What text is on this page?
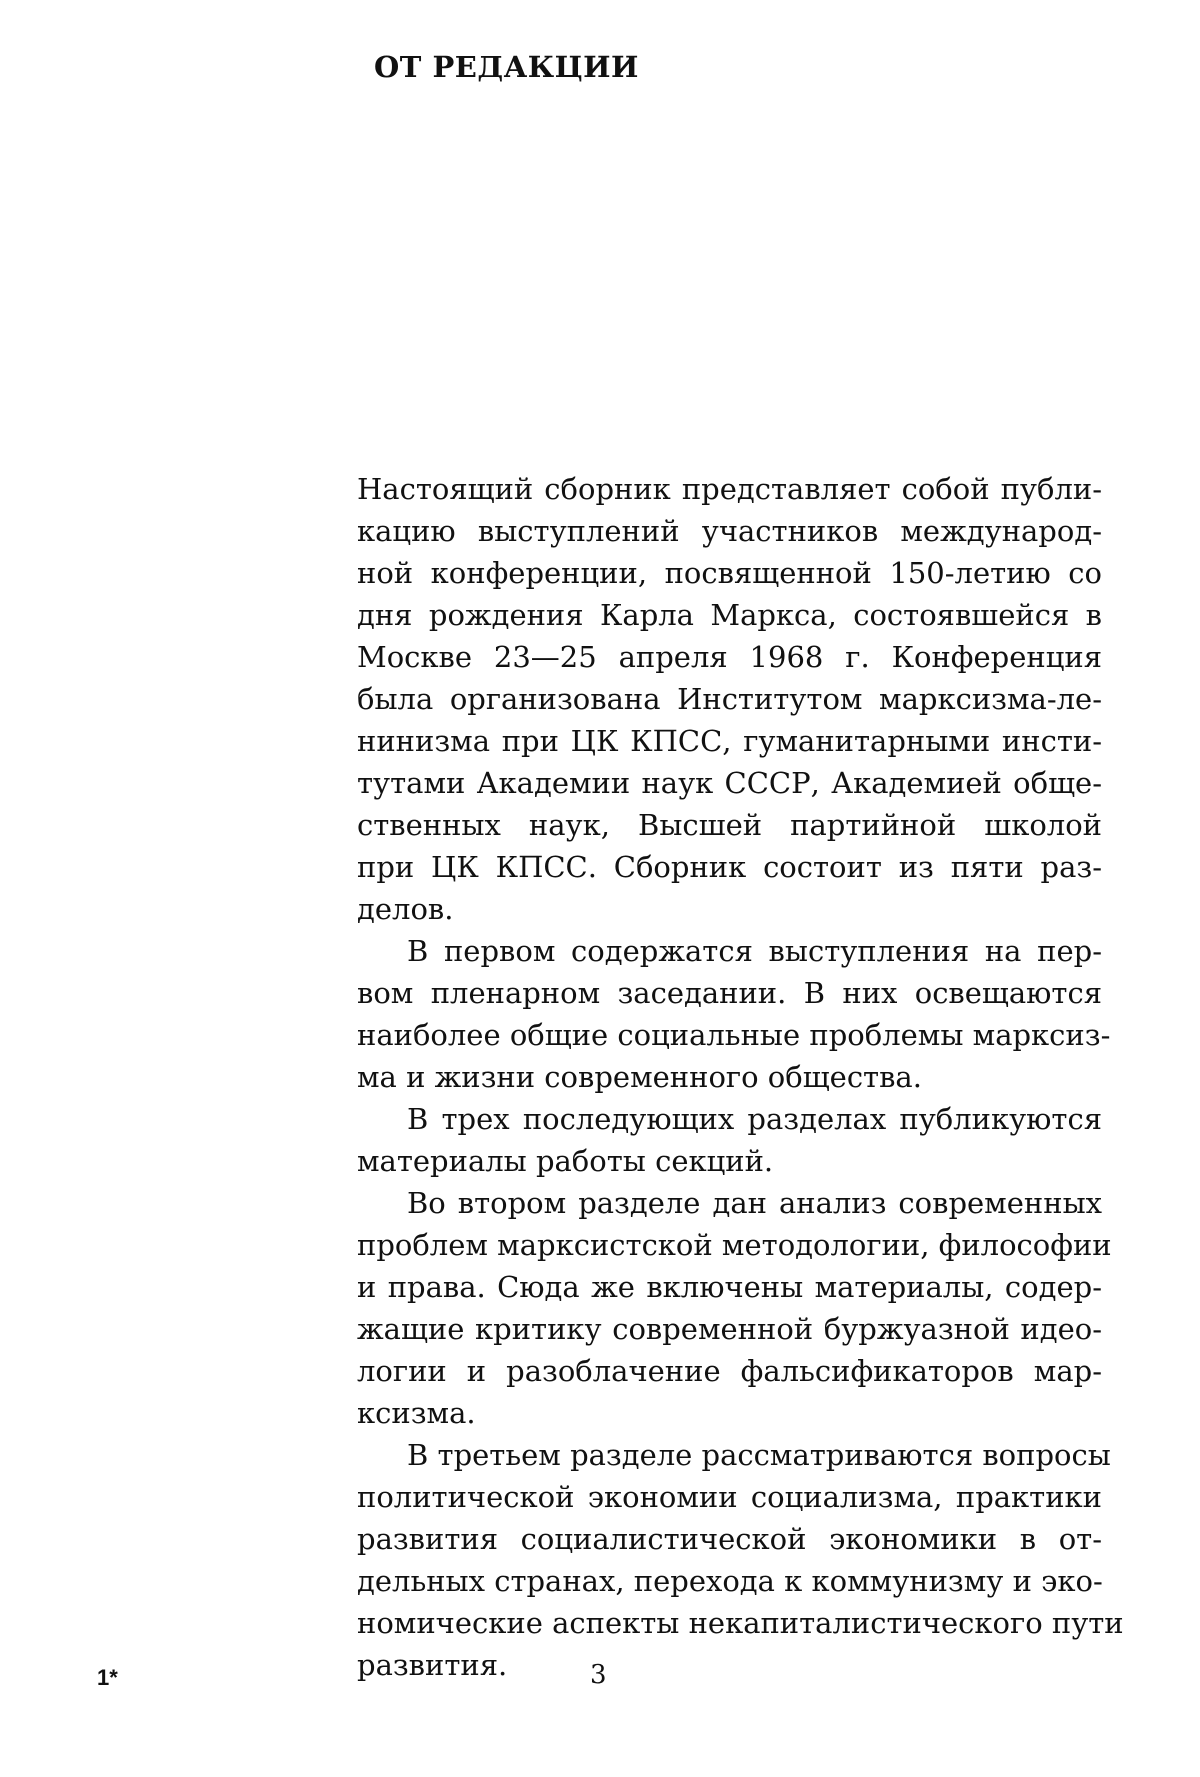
ОТ РЕДАКЦИИ
Настоящий сборник представляет собой публи-
кацию выступлений участников международ-
ной конференции, посвященной 150-летию со
дня рождения Карла Маркса, состоявшейся в
Москве 23—25 апреля 1968 г. Конференция
была организована Институтом марксизма-ле-
нинизма при ЦК КПСС, гуманитарными инсти-
тутами Академии наук СССР, Академией обще-
ственных наук, Высшей партийной школой
при ЦК КПСС. Сборник состоит из пяти раз-
делов.
В первом содержатся выступления на пер-
вом пленарном заседании. В них освещаются
наиболее общие социальные проблемы марксиз-
ма и жизни современного общества.
В трех последующих разделах публикуются
материалы работы секций.
Во втором разделе дан анализ современных
проблем марксистской методологии, философии
и права. Сюда же включены материалы, содер-
жащие критику современной буржуазной идео-
логии и разоблачение фальсификаторов мар-
ксизма.
В третьем разделе рассматриваются вопросы
политической экономии социализма, практики
развития социалистической экономики в от-
дельных странах, перехода к коммунизму и эко-
номические аспекты некапиталистического пути
развития.
1*	3
